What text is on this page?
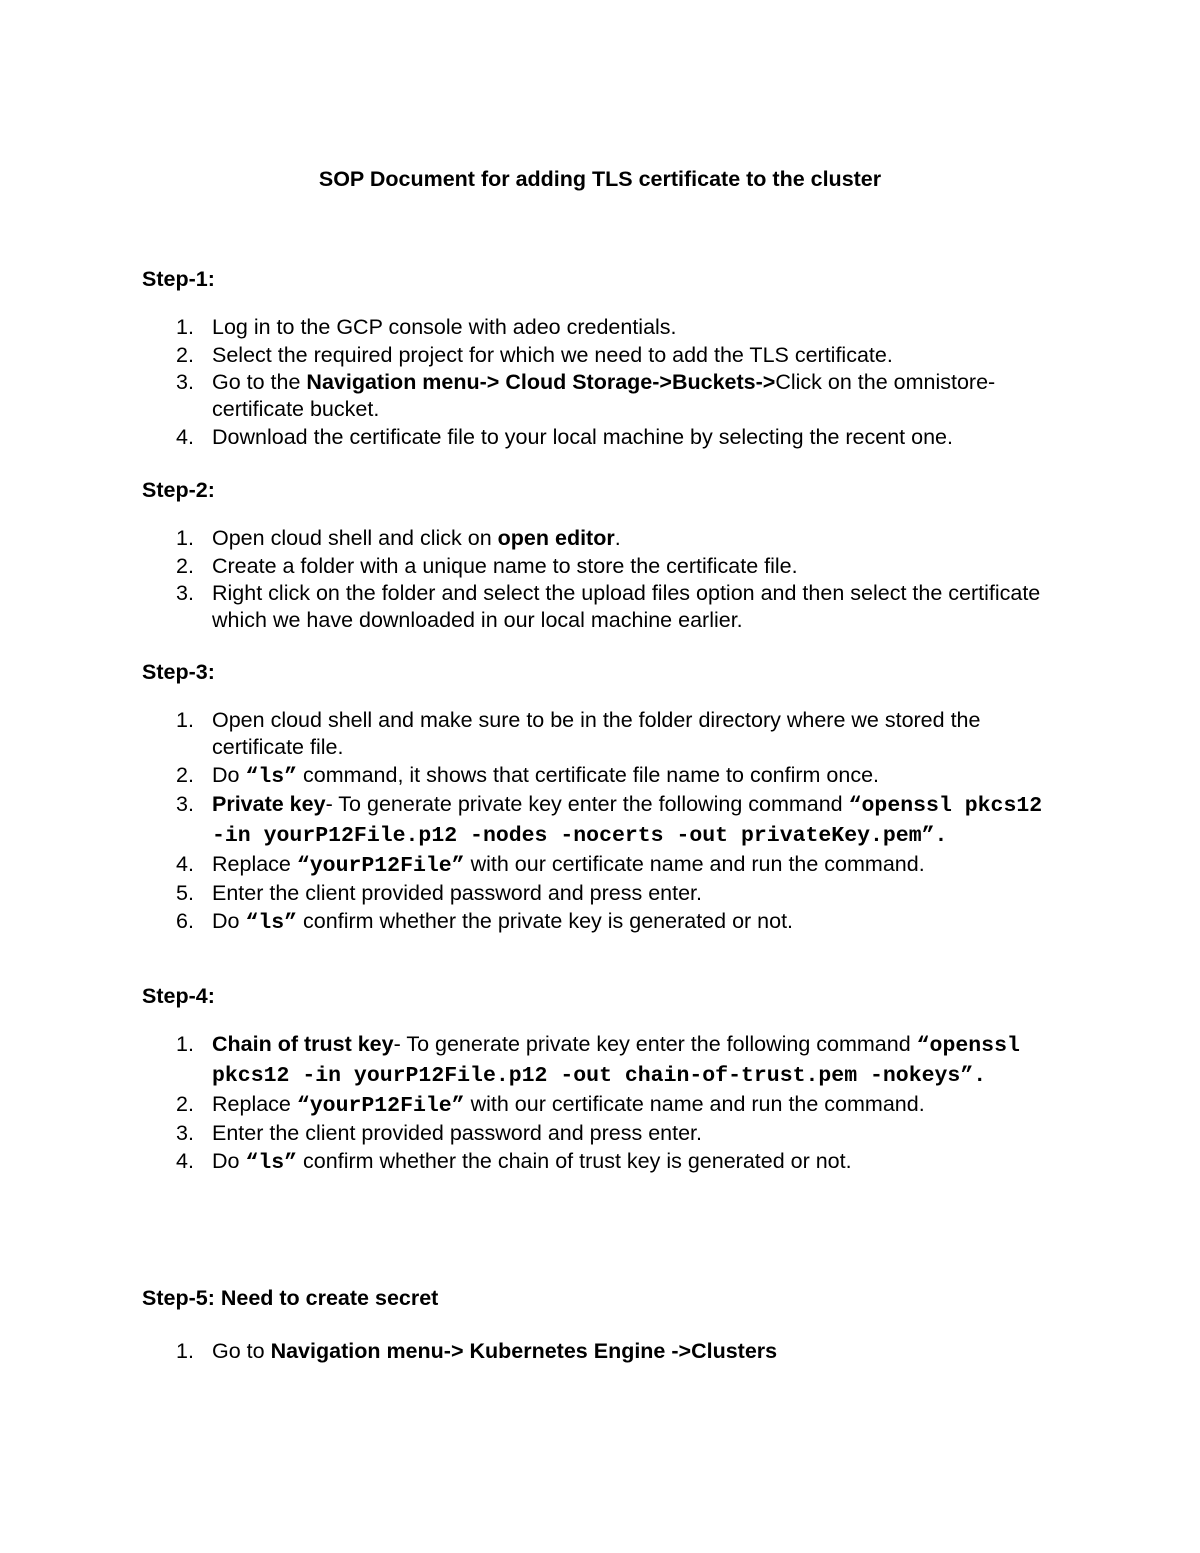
SOP Document for adding TLS certificate to the cluster
Step-1:
1. Log in to the GCP console with adeo credentials.
2. Select the required project for which we need to add the TLS certificate.
3. Go to the Navigation menu-> Cloud Storage->Buckets->Click on the omnistore-certificate bucket.
4. Download the certificate file to your local machine by selecting the recent one.
Step-2:
1. Open cloud shell and click on open editor.
2. Create a folder with a unique name to store the certificate file.
3. Right click on the folder and select the upload files option and then select the certificate which we have downloaded in our local machine earlier.
Step-3:
1. Open cloud shell and make sure to be in the folder directory where we stored the certificate file.
2. Do “ls” command, it shows that certificate file name to confirm once.
3. Private key- To generate private key enter the following command “openssl pkcs12 -in yourP12File.p12 -nodes -nocerts -out privateKey.pem”.
4. Replace “yourP12File” with our certificate name and run the command.
5. Enter the client provided password and press enter.
6. Do “ls” confirm whether the private key is generated or not.
Step-4:
1. Chain of trust key- To generate private key enter the following command “openssl pkcs12 -in yourP12File.p12 -out chain-of-trust.pem -nokeys”.
2. Replace “yourP12File” with our certificate name and run the command.
3. Enter the client provided password and press enter.
4. Do “ls” confirm whether the chain of trust key is generated or not.
Step-5: Need to create secret
1. Go to Navigation menu-> Kubernetes Engine ->Clusters
